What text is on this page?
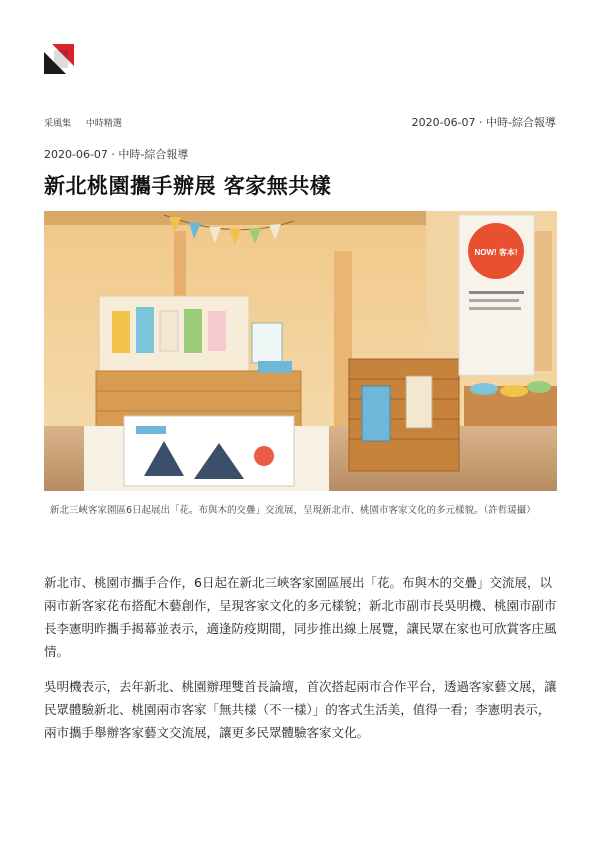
采風集 中時精選	2020-06-07 · 中時-綜合報導
2020-06-07 · 中時-綜合報導
新北桃園攜手辦展 客家無共樣
NOW! 客本!
新北三峽客家園區6日起展出「花。布與木的交疊」交流展，呈現新北市、桃園市客家文化的多元樣貌。（許哲瑗攝）

新北市、桃園市攜手合作，6日起在新北三峽客家園區展出「花。布與木的交疊」交流展，以兩市新客家花布搭配木藝創作，呈現客家文化的多元樣貌；新北市副市長吳明機、桃園市副市長李憲明昨攜手揭幕並表示，適逢防疫期間，同步推出線上展覽，讓民眾在家也可欣賞客庄風情。

吳明機表示，去年新北、桃園辦理雙首長論壇，首次搭起兩市合作平台，透過客家藝文展，讓民眾體驗新北、桃園兩市客家「無共樣（不一樣）」的客式生活美，值得一看；李憲明表示，兩市攜手舉辦客家藝文交流展，讓更多民眾體驗客家文化。
